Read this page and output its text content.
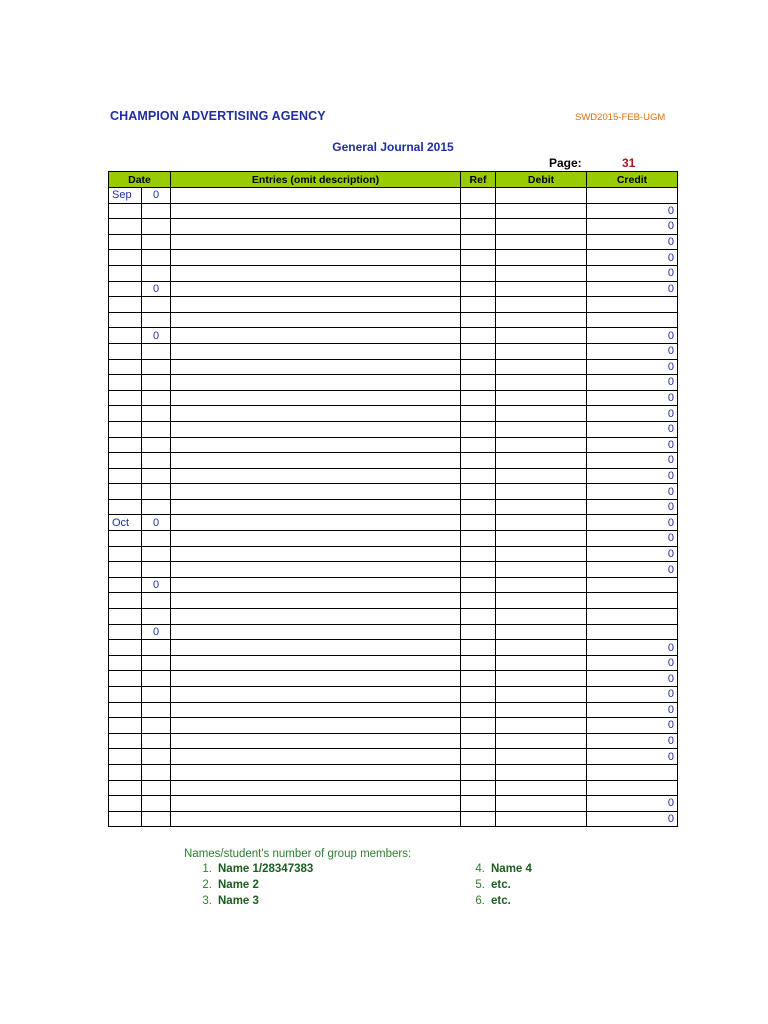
CHAMPION ADVERTISING AGENCY	SWD2015-FEB-UGM
General Journal 2015
Page:	31
Date		Entries (omit description)	Ref	Debit	Credit
Sep	0				
					0
					0
					0
					0
					0
	0				0

	0				0
					0
					0
					0
					0
					0
					0
					0
					0
					0
					0
					0
Oct	0				0
					0
					0
					0
	0				

	0				
					0
					0
					0
					0
					0
					0
					0
					0

					0
					0
Names/student's number of group members:
1. Name 1/28347383
2. Name 2
3. Name 3
4. Name 4
5. etc.
6. etc.
